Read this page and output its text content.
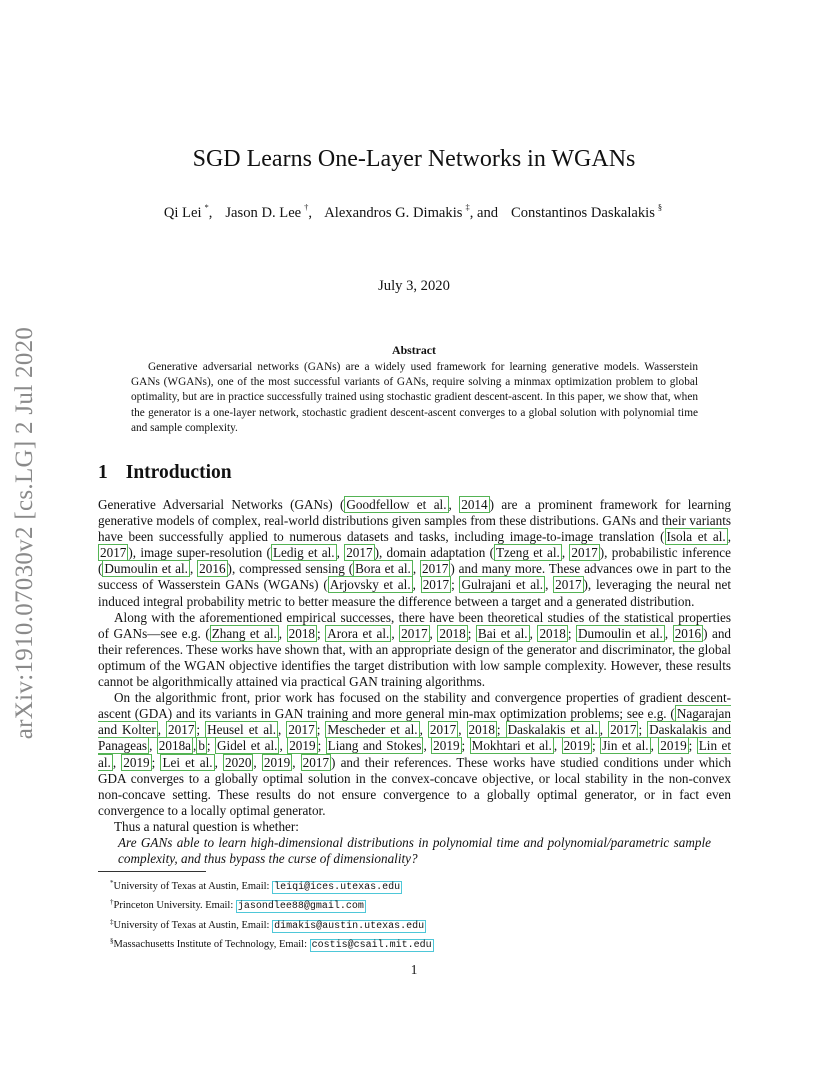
arXiv:1910.07030v2 [cs.LG] 2 Jul 2020
SGD Learns One-Layer Networks in WGANs
Qi Lei *, Jason D. Lee †, Alexandros G. Dimakis ‡, and Constantinos Daskalakis §
July 3, 2020
Abstract

Generative adversarial networks (GANs) are a widely used framework for learning generative models. Wasserstein GANs (WGANs), one of the most successful variants of GANs, require solving a minmax optimization problem to global optimality, but are in practice successfully trained using stochastic gradient descent-ascent. In this paper, we show that, when the generator is a one-layer network, stochastic gradient descent-ascent converges to a global solution with polynomial time and sample complexity.

1 Introduction

Generative Adversarial Networks (GANs) ( Goodfellow et al. , 2014 ) are a prominent framework for learning generative models of complex, real-world distributions given samples from these distributions. GANs and their variants have been successfully applied to numerous datasets and tasks, including image-to-image translation ( Isola et al. , 2017 ), image super-resolution ( Ledig et al. , 2017 ), domain adaptation ( Tzeng et al. , 2017 ), probabilistic inference ( Dumoulin et al. , 2016 ), compressed sensing ( Bora et al. , 2017 ) and many more. These advances owe in part to the success of Wasserstein GANs (WGANs) ( Arjovsky et al. , 2017 ; Gulrajani et al. , 2017 ), leveraging the neural net induced integral probability metric to better measure the difference between a target and a generated distribution.

Along with the aforementioned empirical successes, there have been theoretical studies of the statistical properties of GANs—see e.g. ( Zhang et al. , 2018 ; Arora et al. , 2017 , 2018 ; Bai et al. , 2018 ; Dumoulin et al. , 2016 ) and their references. These works have shown that, with an appropriate design of the generator and discriminator, the global optimum of the WGAN objective identifies the target distribution with low sample complexity. However, these results cannot be algorithmically attained via practical GAN training algorithms.

On the algorithmic front, prior work has focused on the stability and convergence properties of gradient descent-ascent (GDA) and its variants in GAN training and more general min-max optimization problems; see e.g. ( Nagarajan and Kolter , 2017 ; Heusel et al. , 2017 ; Mescheder et al. , 2017 , 2018 ; Daskalakis et al. , 2017 ; Daskalakis and Panageas , 2018a , b ; Gidel et al. , 2019 ; Liang and Stokes , 2019 ; Mokhtari et al. , 2019 ; Jin et al. , 2019 ; Lin et al. , 2019 ; Lei et al. , 2020 , 2019 , 2017 ) and their references. These works have studied conditions under which GDA converges to a globally optimal solution in the convex-concave objective, or local stability in the non-convex non-concave setting. These results do not ensure convergence to a globally optimal generator, or in fact even convergence to a locally optimal generator.

Thus a natural question is whether:

Are GANs able to learn high-dimensional distributions in polynomial time and polynomial/parametric sample complexity, and thus bypass the curse of dimensionality?

*University of Texas at Austin, Email: leiqi@ices.utexas.edu
†Princeton University. Email: jasondlee88@gmail.com
‡University of Texas at Austin, Email: dimakis@austin.utexas.edu
§Massachusetts Institute of Technology, Email: costis@csail.mit.edu
1
